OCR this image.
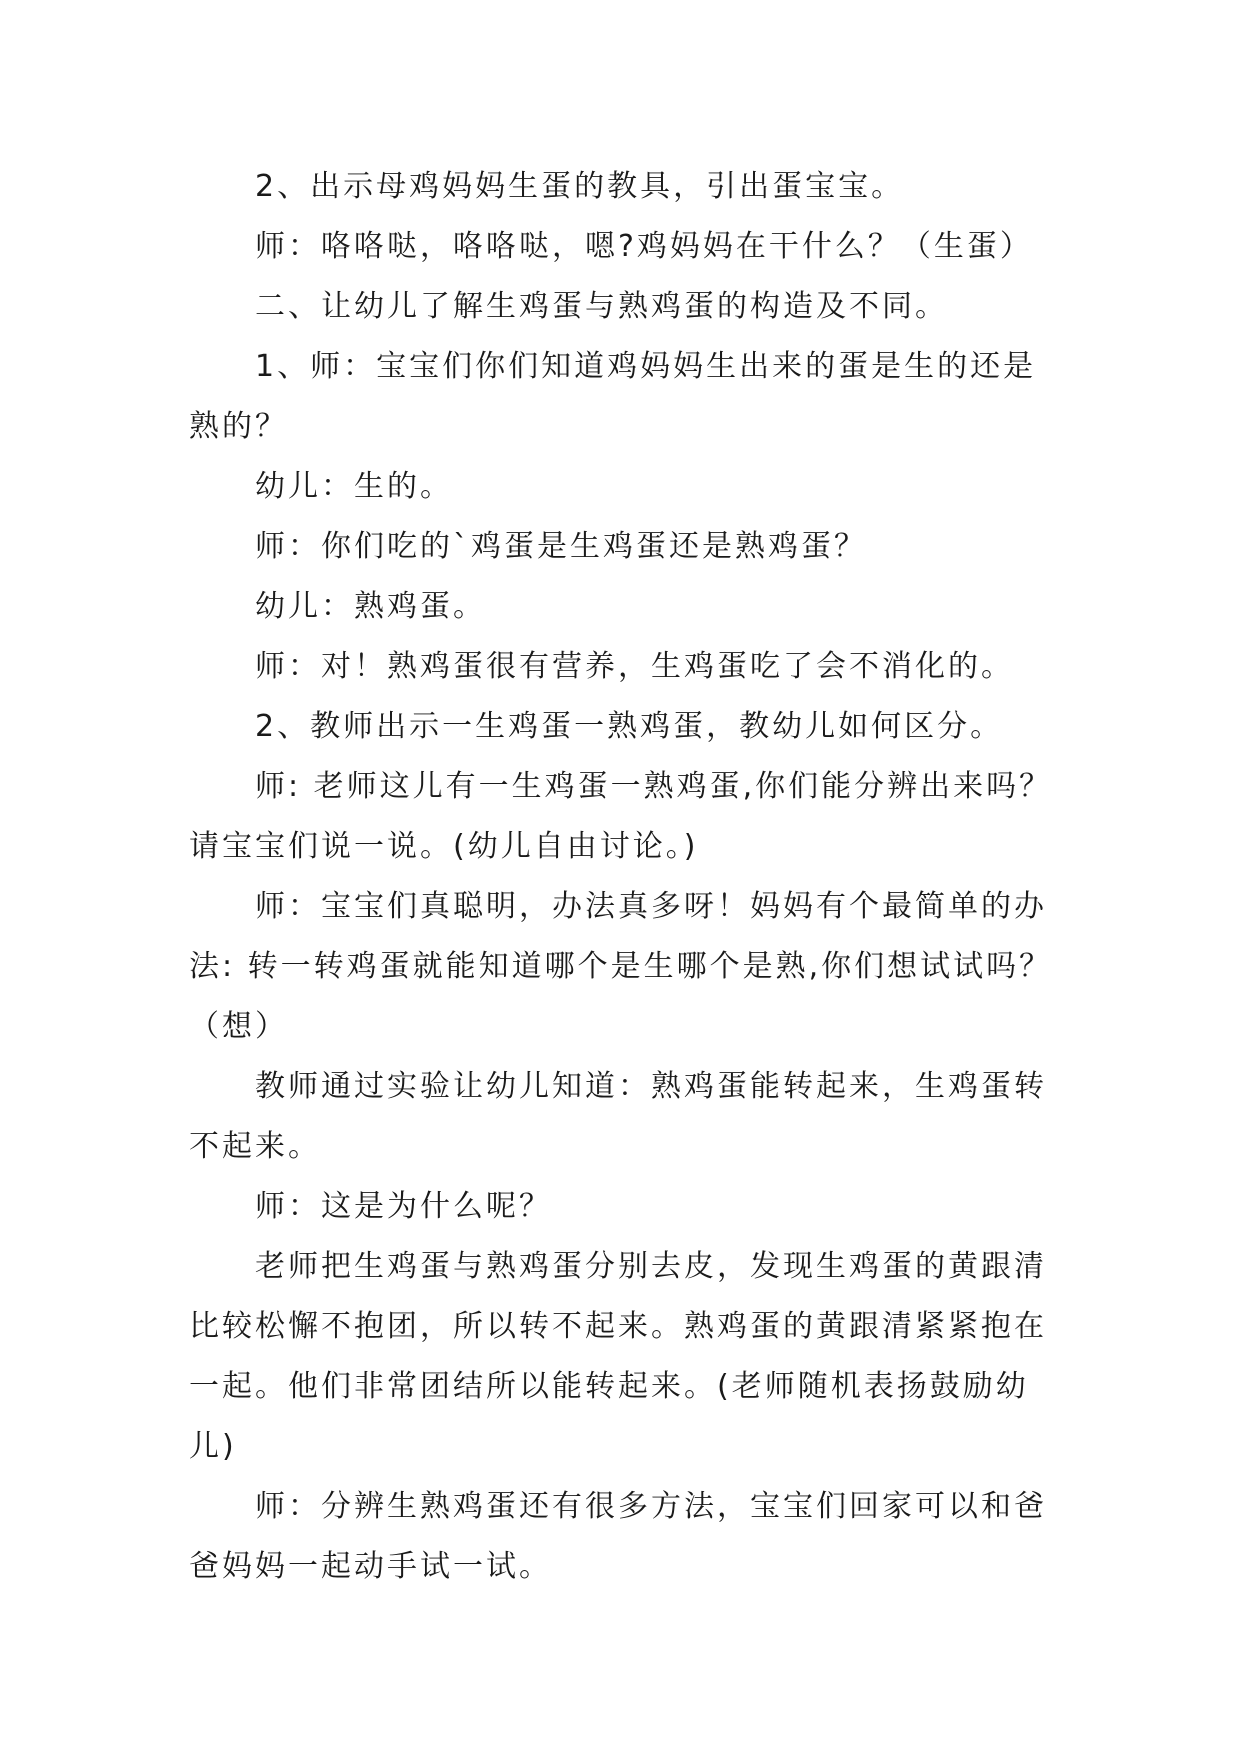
2、出示母鸡妈妈生蛋的教具，引出蛋宝宝。
师：咯咯哒，咯咯哒，嗯?鸡妈妈在干什么？（生蛋）
二、让幼儿了解生鸡蛋与熟鸡蛋的构造及不同。
1、师：宝宝们你们知道鸡妈妈生出来的蛋是生的还是
熟的？
幼儿：生的。
师：你们吃的`鸡蛋是生鸡蛋还是熟鸡蛋？
幼儿：熟鸡蛋。
师：对！熟鸡蛋很有营养，生鸡蛋吃了会不消化的。
2、教师出示一生鸡蛋一熟鸡蛋，教幼儿如何区分。
师: 老师这儿有一生鸡蛋一熟鸡蛋,你们能分辨出来吗？
请宝宝们说一说。(幼儿自由讨论。)
师：宝宝们真聪明，办法真多呀！妈妈有个最简单的办
法: 转一转鸡蛋就能知道哪个是生哪个是熟,你们想试试吗？
（想）
教师通过实验让幼儿知道：熟鸡蛋能转起来，生鸡蛋转
不起来。
师：这是为什么呢？
老师把生鸡蛋与熟鸡蛋分别去皮，发现生鸡蛋的黄跟清
比较松懈不抱团，所以转不起来。熟鸡蛋的黄跟清紧紧抱在
一起。他们非常团结所以能转起来。(老师随机表扬鼓励幼
儿)
师：分辨生熟鸡蛋还有很多方法，宝宝们回家可以和爸
爸妈妈一起动手试一试。
